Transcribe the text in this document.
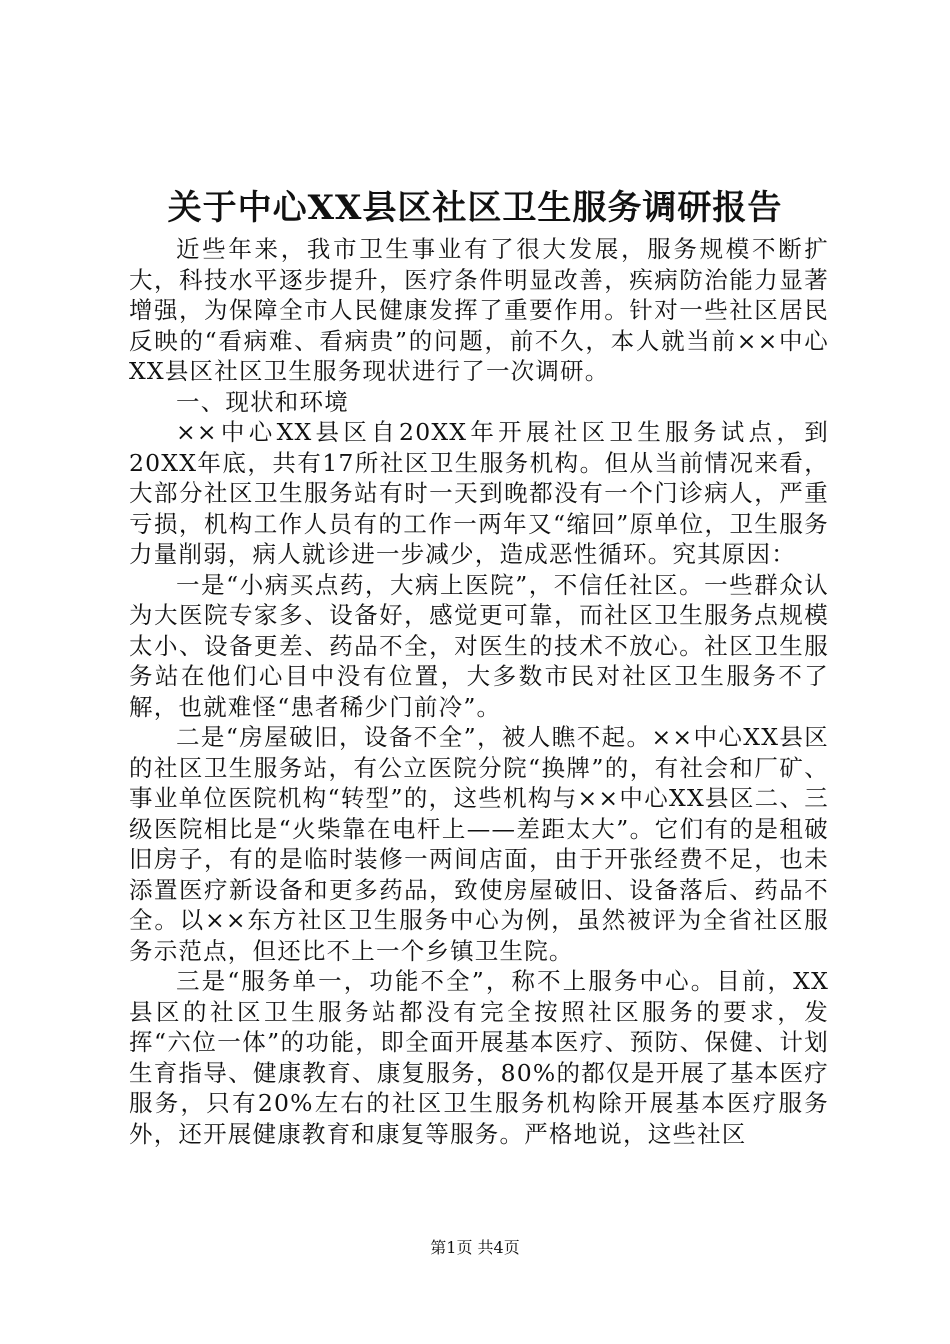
关于中心XX县区社区卫生服务调研报告

近些年来，我市卫生事业有了很大发展，服务规模不断扩大，科技水平逐步提升，医疗条件明显改善，疾病防治能力显著增强，为保障全市人民健康发挥了重要作用。针对一些社区居民反映的“看病难、看病贵”的问题，前不久，本人就当前××中心XX县区社区卫生服务现状进行了一次调研。

一、现状和环境

××中心XX县区自20XX年开展社区卫生服务试点，到20XX年底，共有17所社区卫生服务机构。但从当前情况来看，大部分社区卫生服务站有时一天到晚都没有一个门诊病人，严重亏损，机构工作人员有的工作一两年又“缩回”原单位，卫生服务力量削弱，病人就诊进一步减少，造成恶性循环。究其原因：

一是“小病买点药，大病上医院”，不信任社区。一些群众认为大医院专家多、设备好，感觉更可靠，而社区卫生服务点规模太小、设备更差、药品不全，对医生的技术不放心。社区卫生服务站在他们心目中没有位置，大多数市民对社区卫生服务不了解，也就难怪“患者稀少门前冷”。

二是“房屋破旧，设备不全”，被人瞧不起。××中心XX县区的社区卫生服务站，有公立医院分院“换牌”的，有社会和厂矿、事业单位医院机构“转型”的，这些机构与××中心XX县区二、三级医院相比是“火柴靠在电杆上——差距太大”。它们有的是租破旧房子，有的是临时装修一两间店面，由于开张经费不足，也未添置医疗新设备和更多药品，致使房屋破旧、设备落后、药品不全。以××东方社区卫生服务中心为例，虽然被评为全省社区服务示范点，但还比不上一个乡镇卫生院。

三是“服务单一，功能不全”，称不上服务中心。目前，XX县区的社区卫生服务站都没有完全按照社区服务的要求，发挥“六位一体”的功能，即全面开展基本医疗、预防、保健、计划生育指导、健康教育、康复服务，80%的都仅是开展了基本医疗服务，只有20%左右的社区卫生服务机构除开展基本医疗服务外，还开展健康教育和康复等服务。严格地说，这些社区

第1页 共4页
